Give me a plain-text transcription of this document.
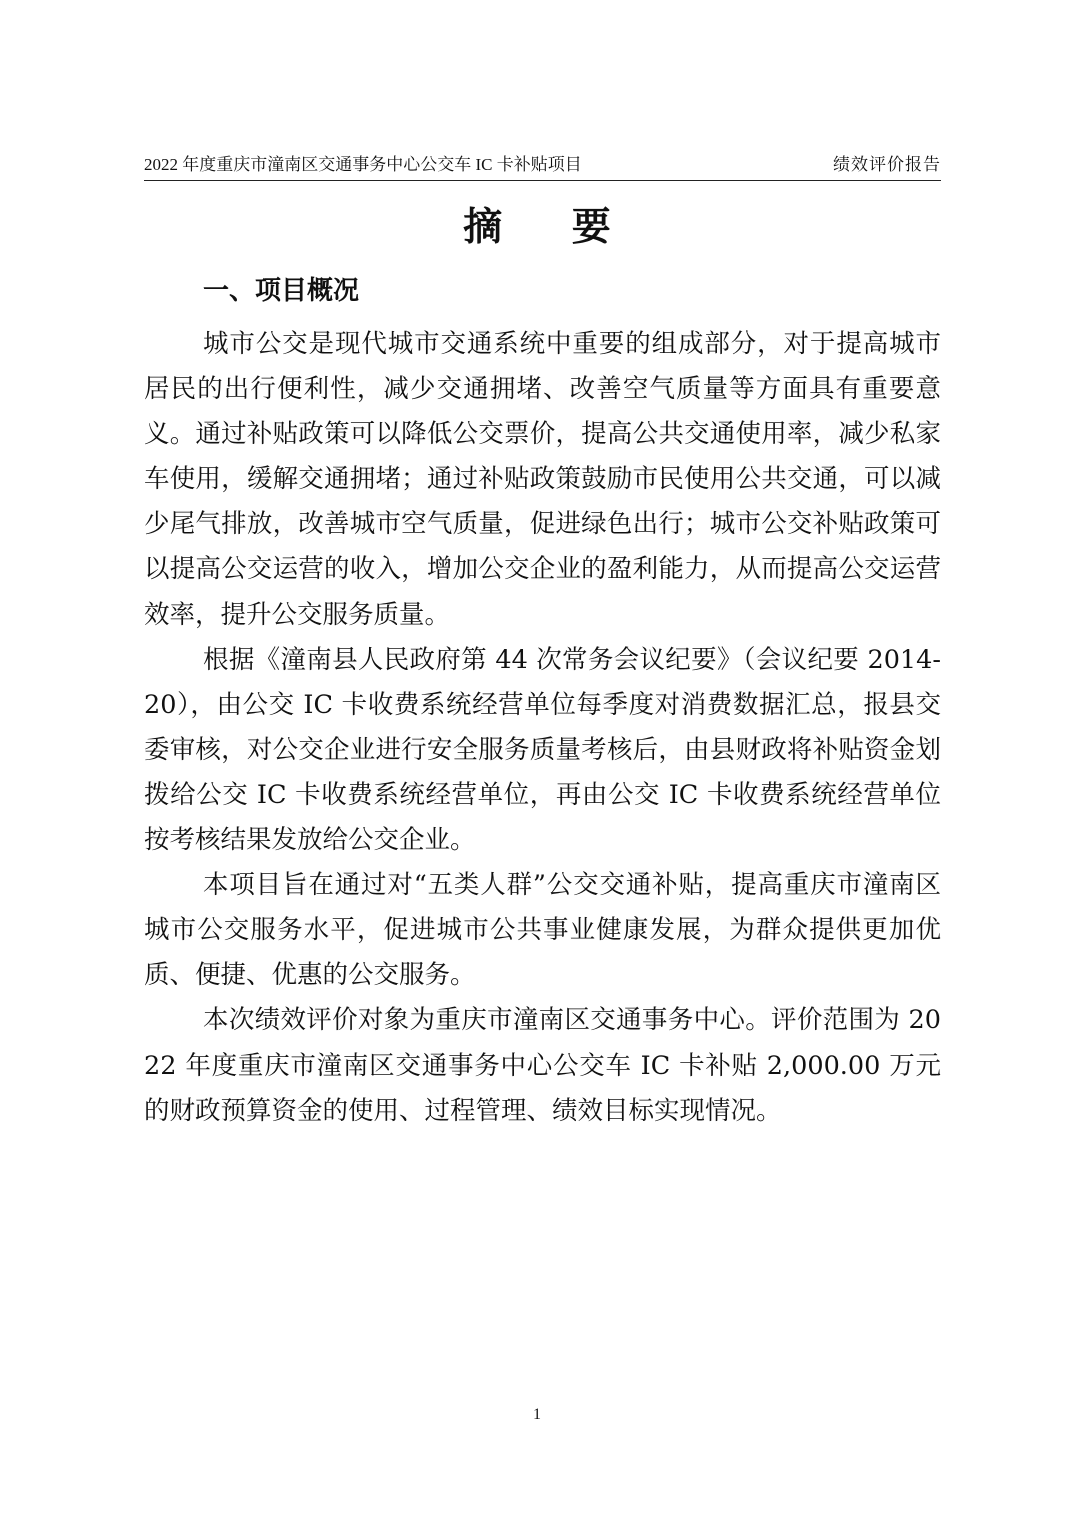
2022 年度重庆市潼南区交通事务中心公交车 IC 卡补贴项目	绩效评价报告
摘 要
一、项目概况

城市公交是现代城市交通系统中重要的组成部分，对于提高城市居民的出行便利性，减少交通拥堵、改善空气质量等方面具有重要意义。通过补贴政策可以降低公交票价，提高公共交通使用率，减少私家车使用，缓解交通拥堵；通过补贴政策鼓励市民使用公共交通，可以减少尾气排放，改善城市空气质量，促进绿色出行；城市公交补贴政策可以提高公交运营的收入，增加公交企业的盈利能力，从而提高公交运营效率，提升公交服务质量。

根据《潼南县人民政府第 44 次常务会议纪要》（会议纪要 2014-20），由公交 IC 卡收费系统经营单位每季度对消费数据汇总，报县交委审核，对公交企业进行安全服务质量考核后，由县财政将补贴资金划拨给公交 IC 卡收费系统经营单位，再由公交 IC 卡收费系统经营单位按考核结果发放给公交企业。

本项目旨在通过对“五类人群”公交交通补贴，提高重庆市潼南区城市公交服务水平，促进城市公共事业健康发展，为群众提供更加优质、便捷、优惠的公交服务。

本次绩效评价对象为重庆市潼南区交通事务中心。评价范围为 2022 年度重庆市潼南区交通事务中心公交车 IC 卡补贴 2,000.00 万元的财政预算资金的使用、过程管理、绩效目标实现情况。

1
